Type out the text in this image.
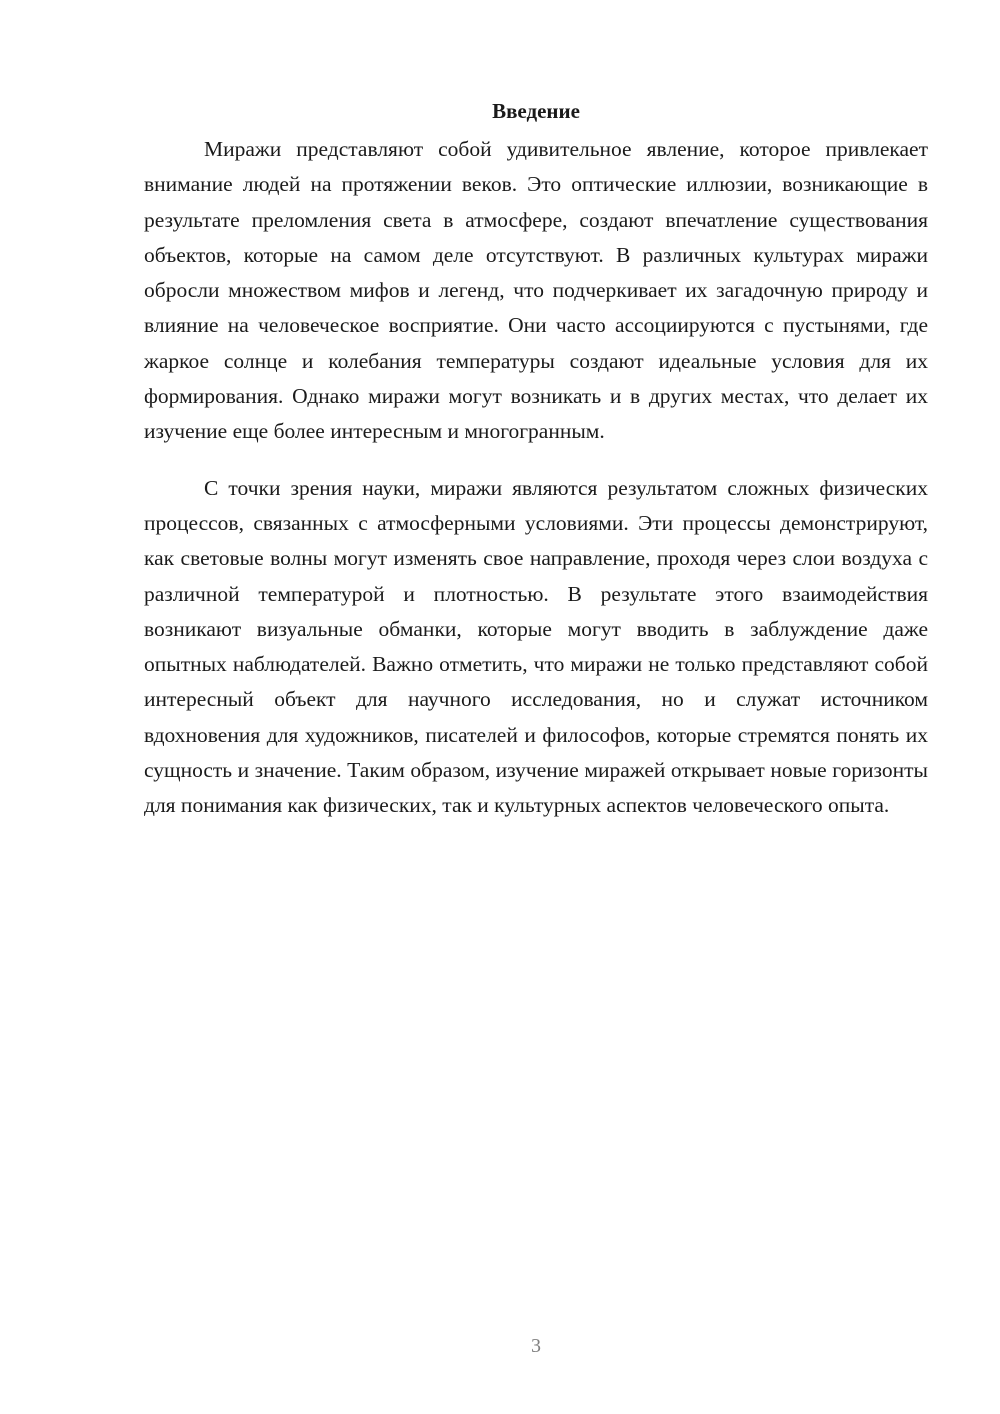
Введение

Миражи представляют собой удивительное явление, которое привлекает внимание людей на протяжении веков. Это оптические иллюзии, возникающие в результате преломления света в атмосфере, создают впечатление существования объектов, которые на самом деле отсутствуют. В различных культурах миражи обросли множеством мифов и легенд, что подчеркивает их загадочную природу и влияние на человеческое восприятие. Они часто ассоциируются с пустынями, где жаркое солнце и колебания температуры создают идеальные условия для их формирования. Однако миражи могут возникать и в других местах, что делает их изучение еще более интересным и многогранным.

С точки зрения науки, миражи являются результатом сложных физических процессов, связанных с атмосферными условиями. Эти процессы демонстрируют, как световые волны могут изменять свое направление, проходя через слои воздуха с различной температурой и плотностью. В результате этого взаимодействия возникают визуальные обманки, которые могут вводить в заблуждение даже опытных наблюдателей. Важно отметить, что миражи не только представляют собой интересный объект для научного исследования, но и служат источником вдохновения для художников, писателей и философов, которые стремятся понять их сущность и значение. Таким образом, изучение миражей открывает новые горизонты для понимания как физических, так и культурных аспектов человеческого опыта.

3
